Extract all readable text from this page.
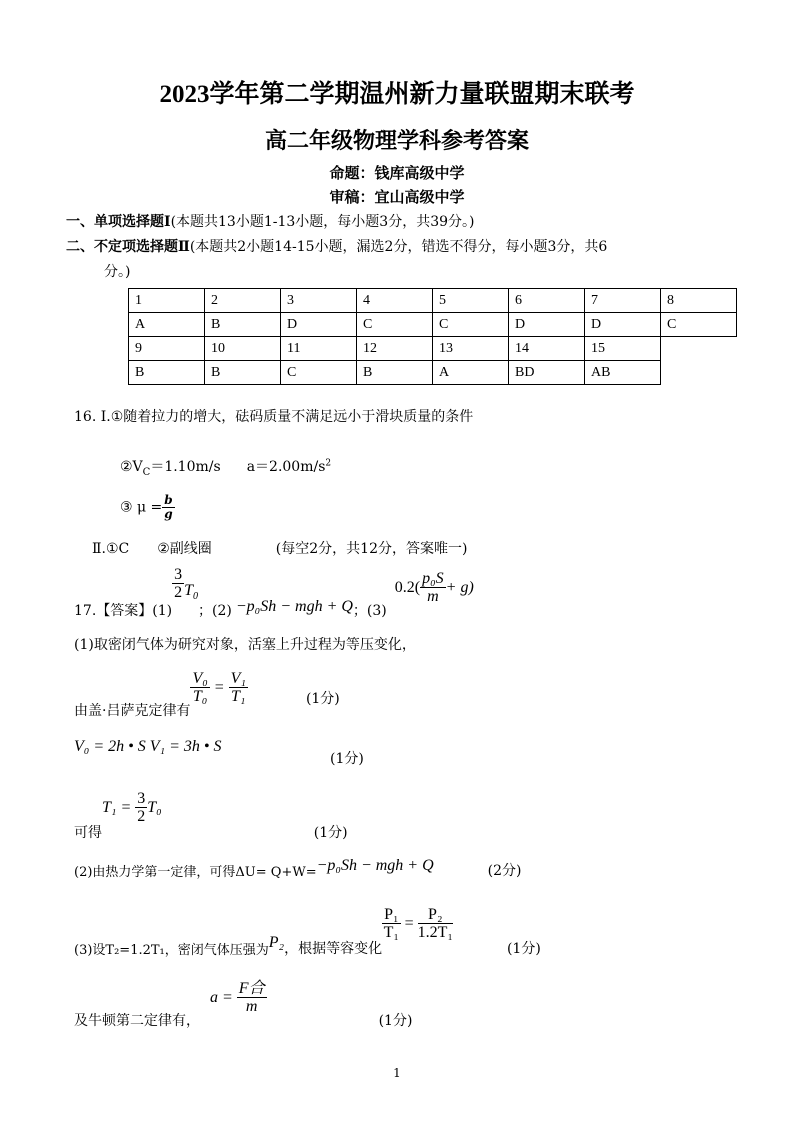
2023学年第二学期温州新力量联盟期末联考
高二年级物理学科参考答案
命题：钱库高级中学
审稿：宜山高级中学
一、单项选择题Ⅰ(本题共13小题1-13小题，每小题3分，共39分。)
二、不定项选择题Ⅱ(本题共2小题14-15小题，漏选2分，错选不得分，每小题3分，共6
分。)
1	2	3	4	5	6	7	8
A	B	D	C	C	D	D	C
9	10	11	12	13	14	15	
B	B	C	B	A	BD	AB	
16. Ⅰ.①随着拉力的增大，砝码质量不满足远小于滑块质量的条件
$②V_C=1.10m/s$ $a=2.00m/s^2$
③ $\mu = \frac{b}{g}$
Ⅱ.①C ②副线圈	(每空2分，共12分，答案唯一)
17.【答案】(1)
$\frac{3}{2} T_0$
；(2) −p₀Sh − mgh + Q ；(3)
$0.2( \frac{\text{p₀S}}{m} + g)$
(1)取密闭气体为研究对象，活塞上升过程为等压变化，
由盖·吕萨克定律有
V₀
T₀
=
V₁
T₁	(1分)
V₀ = 2h • S V₁ = 3h • S
(1分)
可得
T₁ =
$\frac{3}{2} T_0$
(1分)
(2)由热力学第一定律，可得ΔU= Q+W= −p₀Sh − mgh + Q	(2分)
(3)设T₂=1.2T₁，密闭气体压强为 P₂ ，根据等容变化
P₁
T₁
=
P₂
1.2T₁
(1分)
及牛顿第二定律有，
a =

F合
m
(1分)
1
